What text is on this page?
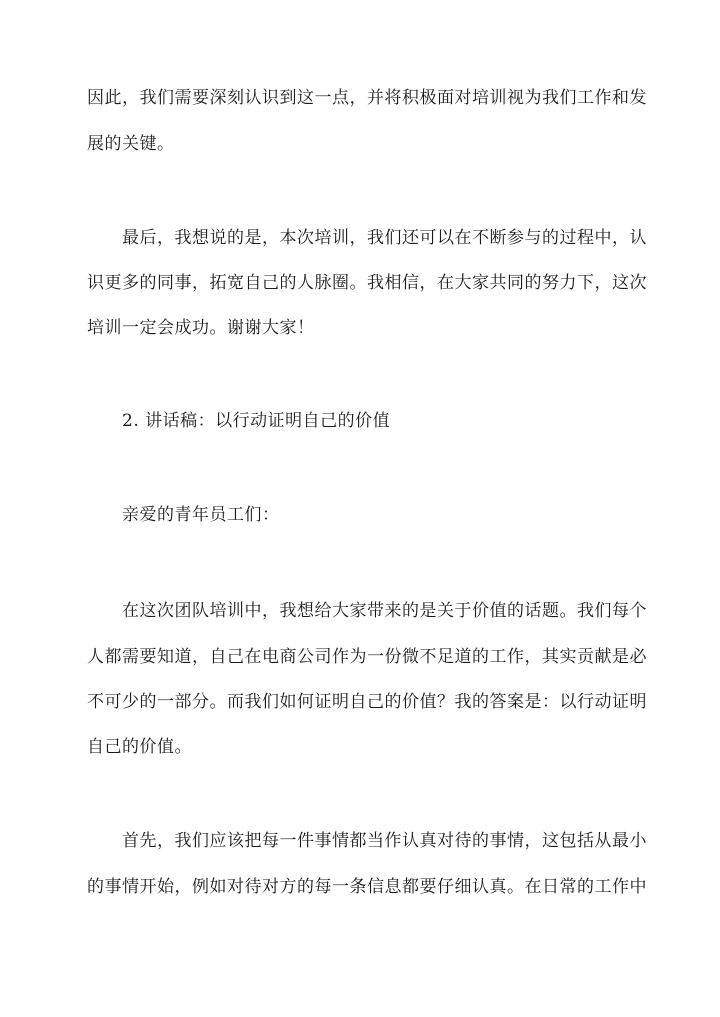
因此，我们需要深刻认识到这一点，并将积极面对培训视为我们工作和发
展的关键。
　　最后，我想说的是，本次培训，我们还可以在不断参与的过程中，认
识更多的同事，拓宽自己的人脉圈。我相信，在大家共同的努力下，这次
培训一定会成功。谢谢大家！
　　2. 讲话稿：以行动证明自己的价值
　　亲爱的青年员工们：
　　在这次团队培训中，我想给大家带来的是关于价值的话题。我们每个
人都需要知道，自己在电商公司作为一份微不足道的工作，其实贡献是必
不可少的一部分。而我们如何证明自己的价值？我的答案是：以行动证明
自己的价值。
　　首先，我们应该把每一件事情都当作认真对待的事情，这包括从最小
的事情开始，例如对待对方的每一条信息都要仔细认真。在日常的工作中
